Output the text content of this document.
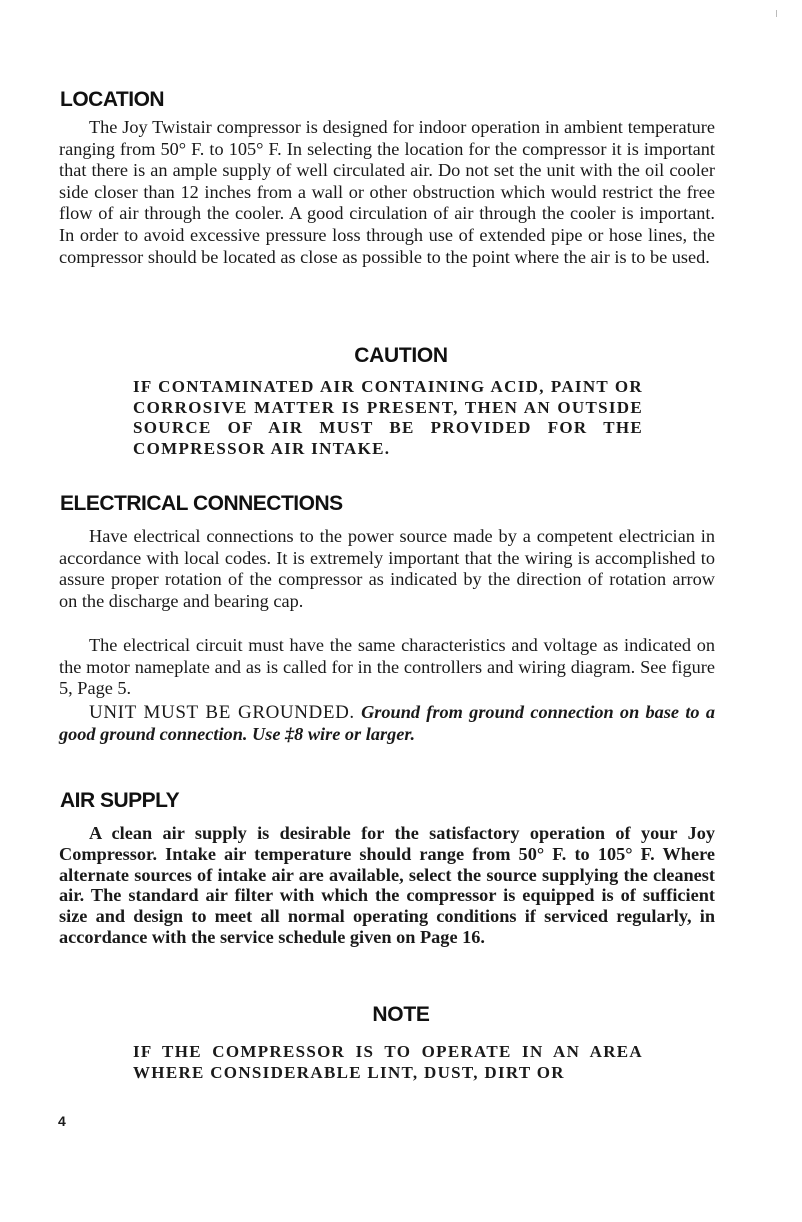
LOCATION

The Joy Twistair compressor is designed for indoor operation in ambient temperature ranging from 50° F. to 105° F. In selecting the location for the compressor it is important that there is an ample supply of well circulated air. Do not set the unit with the oil cooler side closer than 12 inches from a wall or other obstruction which would restrict the free flow of air through the cooler. A good circulation of air through the cooler is important. In order to avoid excessive pressure loss through use of extended pipe or hose lines, the compressor should be located as close as possible to the point where the air is to be used.

CAUTION

IF CONTAMINATED AIR CONTAINING ACID, PAINT OR CORROSIVE MATTER IS PRESENT, THEN AN OUTSIDE SOURCE OF AIR MUST BE PROVIDED FOR THE COMPRESSOR AIR INTAKE.

ELECTRICAL CONNECTIONS

Have electrical connections to the power source made by a competent electrician in accordance with local codes. It is extremely important that the wiring is accomplished to assure proper rotation of the compressor as indicated by the direction of rotation arrow on the discharge and bearing cap.

The electrical circuit must have the same characteristics and voltage as indicated on the motor nameplate and as is called for in the controllers and wiring diagram. See figure 5, Page 5.

UNIT MUST BE GROUNDED. Ground from ground connection on base to a good ground connection. Use ‡8 wire or larger.

AIR SUPPLY

A clean air supply is desirable for the satisfactory operation of your Joy Compressor. Intake air temperature should range from 50° F. to 105° F. Where alternate sources of intake air are available, select the source supplying the cleanest air. The standard air filter with which the compressor is equipped is of sufficient size and design to meet all normal operating conditions if serviced regularly, in accordance with the service schedule given on Page 16.

NOTE

IF THE COMPRESSOR IS TO OPERATE IN AN AREA WHERE CONSIDERABLE LINT, DUST, DIRT OR

4
